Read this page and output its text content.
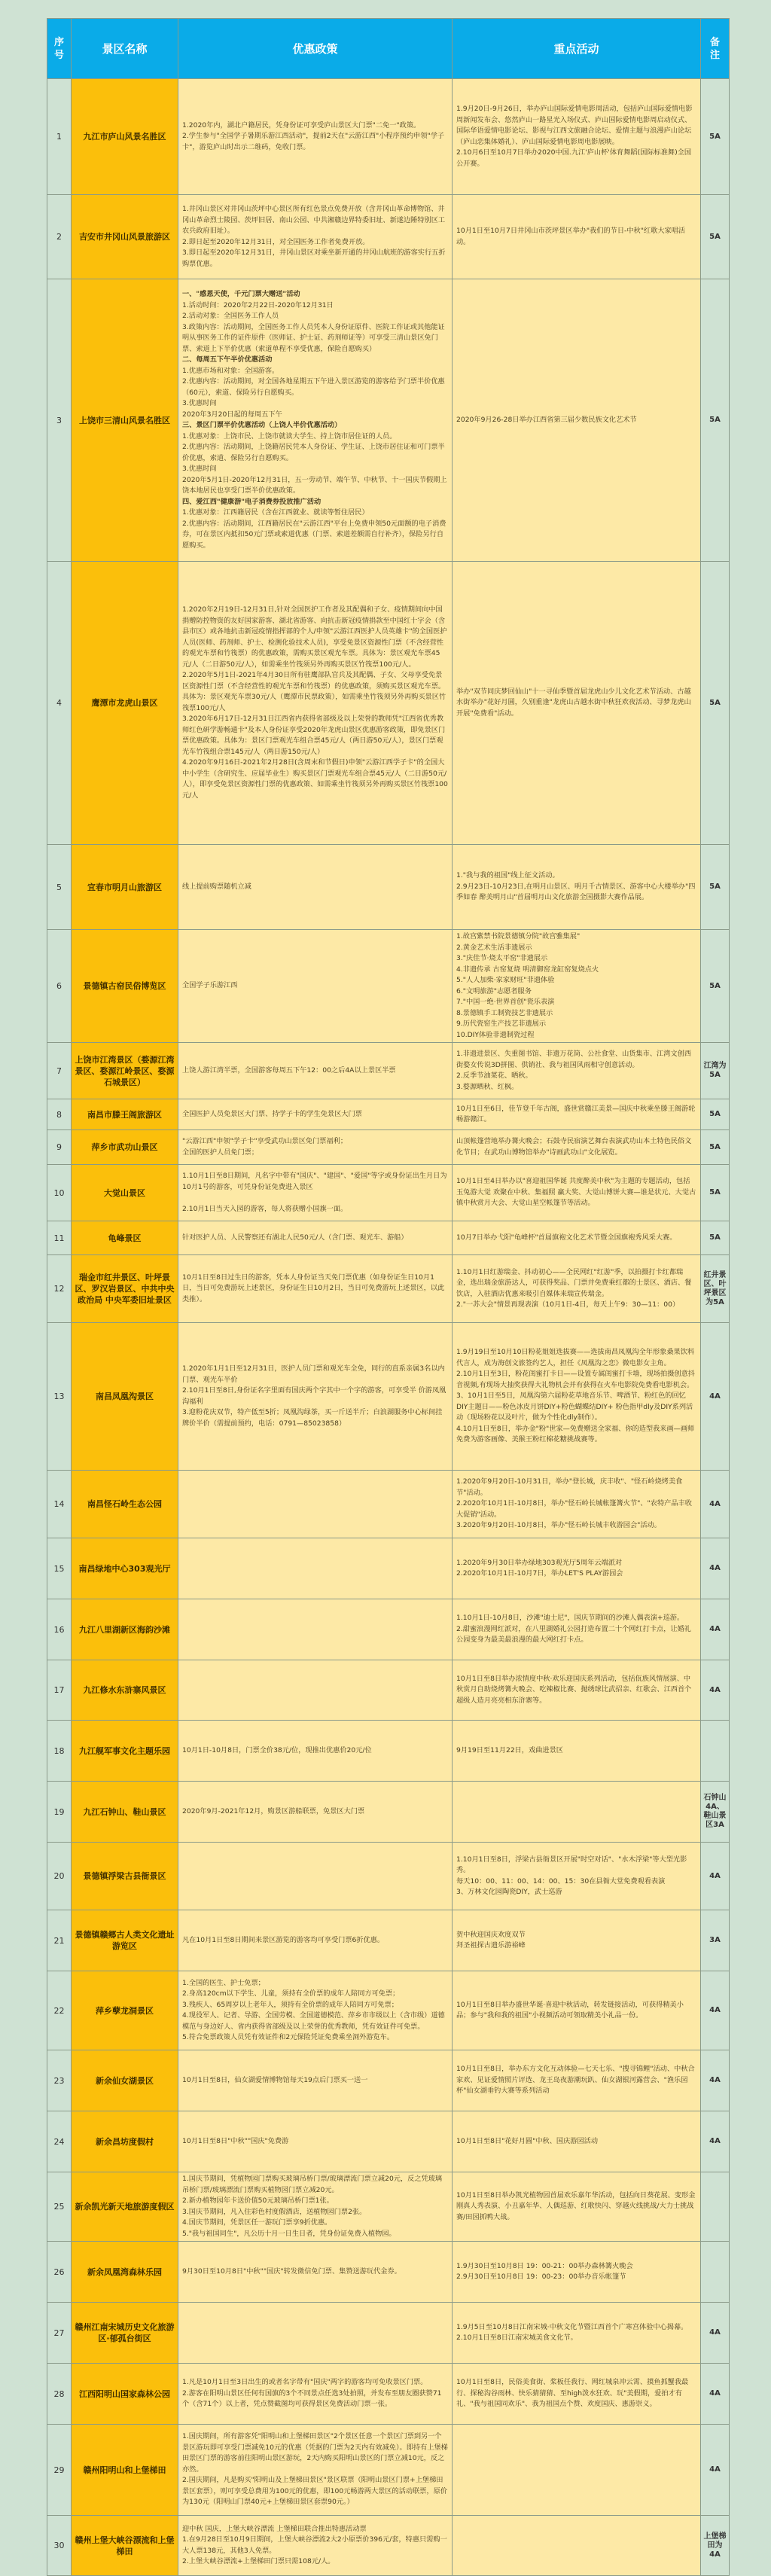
序
号	景区名称	优惠政策	重点活动	备
注
1	九江市庐山风景名胜区	1.2020年内，湖北户籍居民，凭身份证可享受庐山景区大门票"二免一"政策。
2.学生参与"全国学子暑期乐游江西活动"，提前2天在"云游江西"小程序预约申领"学子卡"，游览庐山时出示二维码，免收门票。	1.9月20日-9月26日，举办庐山国际爱情电影周活动，包括庐山国际爱情电影周新闻发布会、悠然庐山一路星光入场仪式、庐山国际爱情电影周启动仪式、国际华语爱情电影论坛、影视与江西文旅融合论坛、爱情主题与浪漫庐山论坛（庐山恋集体婚礼）、庐山国际爱情电影周电影展映。
2.10月6日至10月7日举办2020中国.九江'庐山杯'体育舞蹈(国际标准舞)全国公开赛。	5A
2	吉安市井冈山风景旅游区	1.井冈山景区对井冈山茨坪中心景区所有红色景点免费开放（含井冈山革命博物馆、井冈山革命烈士陵园、茨坪旧居、南山公园、中共湘赣边界特委旧址、新遂边陲特别区工农兵政府旧址）。
2.即日起至2020年12月31日，对全国医务工作者免费开放。
3.即日起至2020年12月31日，井冈山景区对乘坐新开通的井冈山航班的游客实行五折购票优惠。	10月1日至10月7日井冈山市茨坪景区举办"我们的节日-中秋"红歌大家唱活动。	5A
3	上饶市三清山风景名胜区	
一、"感恩天使，千元门票大赠送"活动
1.活动时间：2020年2月22日-2020年12月31日
2.活动对象：全国医务工作人员
3.政策内容：活动期间，全国医务工作人员凭本人身份证原件、医院工作证或其他能证明从事医务工作的证件原件（医师证、护士证、药剂师证等）可享受三清山景区免门票、索道上下半价优惠（索道单程不享受优惠，保险自愿购买）
二、每周五下午半价优惠活动
1.优惠市场和对象：全国游客。
2.优惠内容：活动期间，对全国各地星期五下午进入景区游览的游客给予门票半价优惠（60元），索道、保险另行自愿购买。
3.优惠时间
2020年3月20日起的每周五下午
三、景区门票半价优惠活动（上饶人半价优惠活动）
1.优惠对象：上饶市民、上饶市就读大学生、持上饶市居住证的人员。
2.优惠内容：活动期间，上饶籍居民凭本人身份证、学生证、上饶市居住证和可门票半价优惠，索道、保险另行自愿购买。
3.优惠时间
2020年5月1日-2020年12月31日，五一劳动节、端午节、中秋节、十一国庆节假期上饶本地居民也享受门票半价优惠政策。
四、爱江西"健康游"电子消费券投放推广活动
1.优惠对象：江西籍居民（含在江西就业、就读等暂住居民）
2.优惠内容：活动期间，江西籍居民在"云游江西"平台上免费申领50元面额的电子消费券，可在景区内抵扣50元门票或索道优惠（门票、索道差额需自行补齐），保险另行自愿购买。

2020年9月26-28日举办江西省第三届少数民族文化艺术节	5A
4	鹰潭市龙虎山景区	1.2020年2月19日-12月31日,针对全国医护工作者及其配偶和子女、疫情期间向中国捐赠防控物资的友好国家游客、湖北省游客、向抗击新冠疫情捐款至中国红十字会（含县市区）或各地抗击新冠疫情指挥部的个人/申领"云游江西医护人员英雄卡"的全国医护人员(医师、药剂师、护士、检测化验技术人员)，享受免景区资源性门票（不含经营性的观光车票和竹筏票）的优惠政策，需购买景区观光车票。具体为：景区观光车票45元/人（二日游50元/人），如需乘坐竹筏须另外再购买景区竹筏票100元/人。
2.2020年5月1日-2021年4月30日所有驻鹰部队官兵及其配偶、子女、父母享受免景区资源性门票（不含经营性的观光车票和竹筏票）的优惠政策，须购买景区观光车票。具体为：景区观光车票30元/人（鹰潭市民票政策），如需乘坐竹筏须另外再购买景区竹筏票100元/人
3.2020年6月17日-12月31日江西省内获得省部级及以上荣誉的教师凭"江西省优秀教师红色研学游畅通卡"及本人身份证享受2020年龙虎山景区优惠游客政策，即免景区门票优惠政策。具体为：景区门票观光车组合票45元/人（两日游50元/人），景区门票观光车竹筏组合票145元/人（两日游150元/人）
4.2020年9月16日-2021年2月28日(含周末和节假日)申领"云游江西学子卡"的全国大中小学生（含研究生、应届毕业生）购买景区门票观光车组合票45元/人（二日游50元/人），即享受免景区资源性门票的优惠政策、如需乘坐竹筏须另外再购买景区竹筏票100元/人	举办"双节同庆梦回仙山"十一寻仙季暨首届龙虎山少儿文化艺术节活动、古越水街举办"花好月圆，久别重逢"龙虎山古越水街中秋狂欢夜活动、寻梦龙虎山开展"免费看"活动。	5A
5	宜春市明月山旅游区	线上提前购票随机立减	1."我与我的祖国"线上征文活动。
2.9月23日-10月23日,在明月山景区、明月千古情景区、游客中心大楼举办"四季如春 醉美明月山"首届明月山文化旅游全国摄影大赛作品展。	5A
6	景德镇古窑民俗博览区	全国学子乐游江西

1.故宫紫禁书院景德镇分院"故宫雅集展"
2.黄金艺术生活非遗展示
3."庆佳节·烧太平窑"非遗展示
4.非遗传承 古窑复烧 明清御窑龙缸窑复烧点火
5."人人加柴·家家财旺"非遗体验
6."文明旅游"志愿者服务
7."中国一绝·世界首创"瓷乐表演
8.景德镇手工制瓷技艺非遗展示
9.历代瓷窑生产技艺非遗展示
10.DIY体验非遗制瓷过程
	5A
7	上饶市江湾景区（婺源江湾景区、婺源江岭景区、婺源石城景区）	上饶人游江湾半票，全国游客每周五下午12：00之后4A以上景区半票	1.非遗进景区、失重图书馆、非遗万花筒、公社食堂、山货集市、江湾文创西街婺女传说3D拼图、供销社、我与祖国风雨相守创意活动。
2.反季节油菜花、晒秋。
3.婺源晒秋、红枫。	江湾为5A
8	南昌市滕王阁旅游区	全国医护人员免景区大门票、持学子卡的学生免景区大门票	10月1日至6日，佳节登千年古阁，盛世赏赣江美景—国庆中秋乘坐滕王阁游轮畅游赣江。	5A
9	萍乡市武功山景区	"云游江西"申领"学子卡"享受武功山景区免门票福利；
全国的医护人员免门票；	山顶帐篷营地举办篝火晚会；石鼓寺民宿演艺舞台表演武功山本土特色民俗文化节目；在武功山博物馆举办"诗画武功山"文化展览。	5A
10	大觉山景区	1.10月1日至8日期间，凡名字中带有"国庆"、"建国"、"爱国"等字或身份证出生月日为10月1号的游客，可凭身份证免费进入景区

2.10月1日当天入园的游客，每人将获赠小国旗一面。	10月1日至4日举办以"喜迎祖国华诞 共度醉美中秋"为主题的专题活动，包括玉兔游大觉 欢聚在中秋、集福照 赢大奖、大觉山博饼大赛—谁是状元、大觉古镇中秋赏月大会、大觉山星空帐篷节等活动。	5A
11	龟峰景区	针对医护人员、人民警察还有湖北人民50元/人（含门票、观光车、游船）	10月7日举办弋阳"龟峰杯"首届旗袍文化艺术节暨全国旗袍秀风采大赛。	5A
12	瑞金市红井景区、叶坪景区、罗汉岩景区、中共中央政治局 中央军委旧址景区	10月1日至8日过生日的游客，凭本人身份证当天免门票优惠（如身份证生日10月1日，当日可免费游玩上述景区，身份证生日10月2日，当日可免费游玩上述景区，以此类推）。	1.10月1日红游瑞金、抖动初心——全民网红"红游"季，以拍摄打卡红都瑞金，选出瑞金旅游达人，可获得奖品、门票并免费乘红都的士景区、酒店、餐饮店，入驻酒店优惠来吸引自媒体来瑞宣传瑞金。
2."一苏大会"情景再现表演（10月1日-4日，每天上午9：30—11：00）	红井景区、叶坪景区为5A
13	南昌凤凰沟景区	
1.2020年1月1日至12月31日，医护人员门票和观光车全免，同行的直系亲属3名以内门票、观光车半价
2.10月1日至8日,身份证名字里面有国庆两个字其中一个字的游客，可享受半 价游凤凰沟福利
3.迎粉花庆双节，特产低至5折；凤凰沟绿茶，买一斤送半斤；白浪湖服务中心标间挂牌价半价（需提前预约，电话：0791—85023858）

1.9月19日至10月10日粉花姐姐选拔赛——选拔南昌凤凰沟全年形象桑果饮料代言人，成为海创文旅签约艺人，担任《凤凰沟之恋》微电影女主角。
2.10月1日至3日，粉花闺蜜打卡日——设置专属闺蜜打卡墙，现场拍摄创意抖音视频,有现场大抽奖获得大礼物机会并有获得在火车电影院免费看电影机会。
3、10月1日至5日，凤凰沟第六届粉花草地音乐节、啤酒节、粉红色的回忆DIY主题日——粉色冰皮月饼DIY+粉色蝴蝶结DIY+ 粉色指甲dly及DIY系列活动（现场粉花以及叶片，做为个性化dly制作）。
4.10月1日至8日，举办金"粉"世家—免费赠送全家福、你的造型我来画—画师免费为游客画像、美猴王粉红棉花糖挑战赛等。
	4A
14	南昌怪石岭生态公园		1.2020年9月20日-10月31日，举办"登长城，庆丰收"、"怪石岭烧烤美食节"活动。
2.2020年10月1日-10月8日，举办"怪石岭长城帐篷篝火节"、"农特产品丰收大促销"活动。
3.2020年9月20日-10月8日，举办"怪石岭长城丰收游园会"活动。	4A
15	南昌绿地中心303观光厅		1.2020年9月30日举办绿地303观光厅5周年云端派对
2.2020年10月1日-10月7日，举办LET'S PLAY游园会	4A
16	九江八里湖新区海韵沙滩		1.10月1日-10月8日，沙滩"迪士尼"，国庆节期间的沙滩人偶表演+巡游。
2.甜蜜浪漫网红派对，在八里湖婚礼公园打造布置二十个网红打卡点，让婚礼公园变身为最美最浪漫的最大网红打卡点。	4A
17	九江修水东浒寨风景区		10月1日至8日举办浓情度中秋·欢乐迎国庆系列活动，包括佤族风情展演、中秋赏月自助烧烤篝火晚会、吃辣椒比赛、抛绣球比武招亲、红歌会、江西首个超级人造月亮亮相东浒寨等。	4A
18	九江舰军事文化主题乐园	10月1日-10月8日，门票全价38元/位，现推出优惠价20元/位	9月19日至11月22日，戏曲进景区	

19	九江石钟山、鞋山景区	2020年9月-2021年12月，购景区游船联票，免景区大门票		石钟山4A、鞋山景区3A
20	景德镇浮梁古县衙景区		1.10月1日至8日，浮梁古县衙景区开展"时空对话"、"水木浮梁"等大型光影秀。
每天10：00、11：00、14：00、15：30在县衙大堂免费观看表演
3、万林文化园陶瓷DIY，武士巡游	4A
21	景德镇赣郷古人类文化遗址游览区	凡在10月1日至8日期间来景区游览的游客均可享受门票6折优惠。	贺中秋迎国庆欢度双节
拜圣祖探古遗乐游裕峰	3A
22	萍乡孽龙洞景区	1.全国的医生、护士免票；
2.身高120cm以下学生、儿童，须持有全价票的成年人陪同方可免票；
3.残疾人、65周岁以上老年人，须持有全价票的成年人陪同方可免票；
4.现役军人、记者、导游、全国劳模、全国道德模范、萍乡市市级以上（含市级）道德模范与身边好人、省内获得省部级及以上荣誉的优秀教师，凭有效证件可免票。
5.符合免票政策人员凭有效证件和2元保险凭证免费乘坐洞外游览车。	10月1日至8日举办盛世华诞·喜迎中秋活动，转发链接活动，可获得精美小品；参与"我和我的祖国"小视频活动可领取精美小礼品一份。	4A
23	新余仙女湖景区	10月1日至8日，仙女湖爱情博物馆每天19点后门票买一送一	10月1日至8日，举办东方文化互动体验—七天七乐、"搜寻锦鲤"活动、中秋合家欢、见证爱情照片评选、龙王岛夜游潮玩趴、仙女湖银河露营会、"渔乐园杯"仙女湖垂钓大赛等系列活动	4A
24	新余昌坊度假村	10月1日至8日"中秋""国庆"免费游	10月1日至8日"花好月圆"中秋、国庆游园活动	4A
25	新余凯光新天地旅游度假区	1.国庆节期间，凭植物园门票购买玻璃吊桥门票/玻璃漂流门票立减20元，反之凭玻璃吊桥门票/玻璃漂流门票购买植物园门票立减20元。
2.新办植物园年卡送价值50元玻璃吊桥门票1张。
3.国庆节期间，凡入住彩色村度假酒店，送植物园门票2张。
4.国庆节期间，凭景区任一游玩门票享9折优惠。
5."我与祖国同生"，凡公历十月一日生日者，凭身份证免费入植物园。	10月1日至8日举办凯光植物园首届欢乐嘉年华活动，包括向日葵花展、变形金刚真人秀表演、小丑嘉年华、人偶巡游、红歌快闪、穿越火线挑战/大力士挑战赛/田园抓鸭大战。	

26	新余凤凰湾森林乐园	9月30日至10月8日"中秋""国庆"转发微信免门票、集赞送游玩代金券。	1.9月30日至10月8日 19：00-21：00举办森林篝火晚会
2.9月30日至10月8日 19：00-23：00举办音乐帐篷节	

27	赣州江南宋城历史文化旅游区·郁孤台街区		1.9月5日至10月8日江南宋城·中秋文化节暨江西首个广寒宫体验中心揭幕。
2.10月1日至8日江南宋城美食文化节。	4A
28	江西阳明山国家森林公园	1.凡是10月1日至3日出生的或者名字带有"国庆"两字的游客均可免收景区门票。
2.游客在阳明山景区任何有国旗的3个不同景点任选3处拍照，并发布至朋友圈获赞71个（含71个）以上者，凭点赞截图均可获得景区免费活动门票一张。	10月1日至8日，民俗美食街、桨板任我行、网红城泉冲云霄、摸鱼抓蟹我最行、探秘沟谷雨林、快乐猜猜猜、至high泼水狂欢、玩"美假期，爱拍才有礼、"我与祖国同欢乐"、我为祖国点个赞、欢度国庆、惠游崇义。	4A
29	赣州阳明山和上堡梯田	1.国庆期间，所有游客凭"阳明山和上堡梯田景区"2个景区任意一个景区门票到另一个景区游玩即可享受门票减免10元的优惠（凭据的门票为2天内有效减免）。即持有上堡梯田景区门票的游客前往阳明山景区游玩，2天内购买阳明山景区的门票立减10元，反之亦然。
2.国庆期间，凡是购买"阳明山及上堡梯田景区"景区联票（阳明山景区门票+上堡梯田景区套票），则可享受总费用为100元的优惠，即100元畅游两大景区的活动联票，原价为130元（阳明山门票40元+上堡梯田景区套票90元。）		4A
30	赣州上堡大峡谷漂流和上堡梯田	迎中秋 国庆，上堡大峡谷漂流 上堡梯田联合推出特惠活动票
1.在9月28日至10月9日期间，上堡大峡谷漂流2大2小原票价396元/套，特惠只需购一大人票138元，其他3人免票。
2.上堡大峡谷漂流+上堡梯田门票只需108元/人。		上堡梯田为4A
